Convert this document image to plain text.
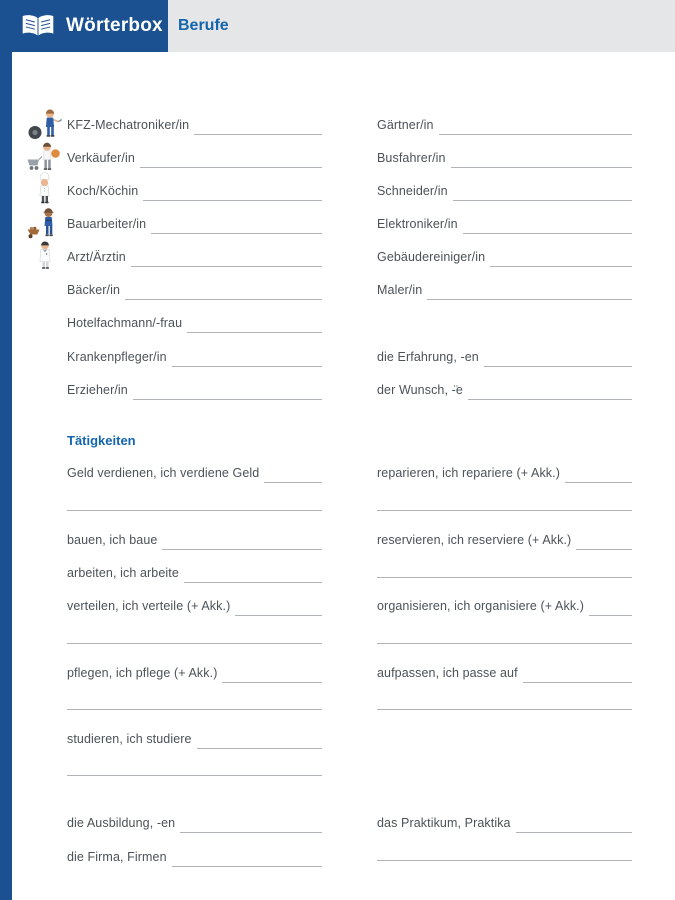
Wörterbox Berufe
KFZ-Mechatroniker/in
Verkäufer/in
Koch/Köchin
Bauarbeiter/in
Arzt/Ärztin
Bäcker/in
Hotelfachmann/-frau
Krankenpfleger/in
Erzieher/in
Gärtner/in
Busfahrer/in
Schneider/in
Elektroniker/in
Gebäudereiniger/in
Maler/in
die Erfahrung, -en
der Wunsch, -̈e
Tätigkeiten
Geld verdienen, ich verdiene Geld
bauen, ich baue
arbeiten, ich arbeite
verteilen, ich verteile (+ Akk.)
pflegen, ich pflege (+ Akk.)
studieren, ich studiere
reparieren, ich repariere (+ Akk.)
reservieren, ich reserviere (+ Akk.)
organisieren, ich organisiere (+ Akk.)
aufpassen, ich passe auf
die Ausbildung, -en
die Firma, Firmen
das Praktikum, Praktika
